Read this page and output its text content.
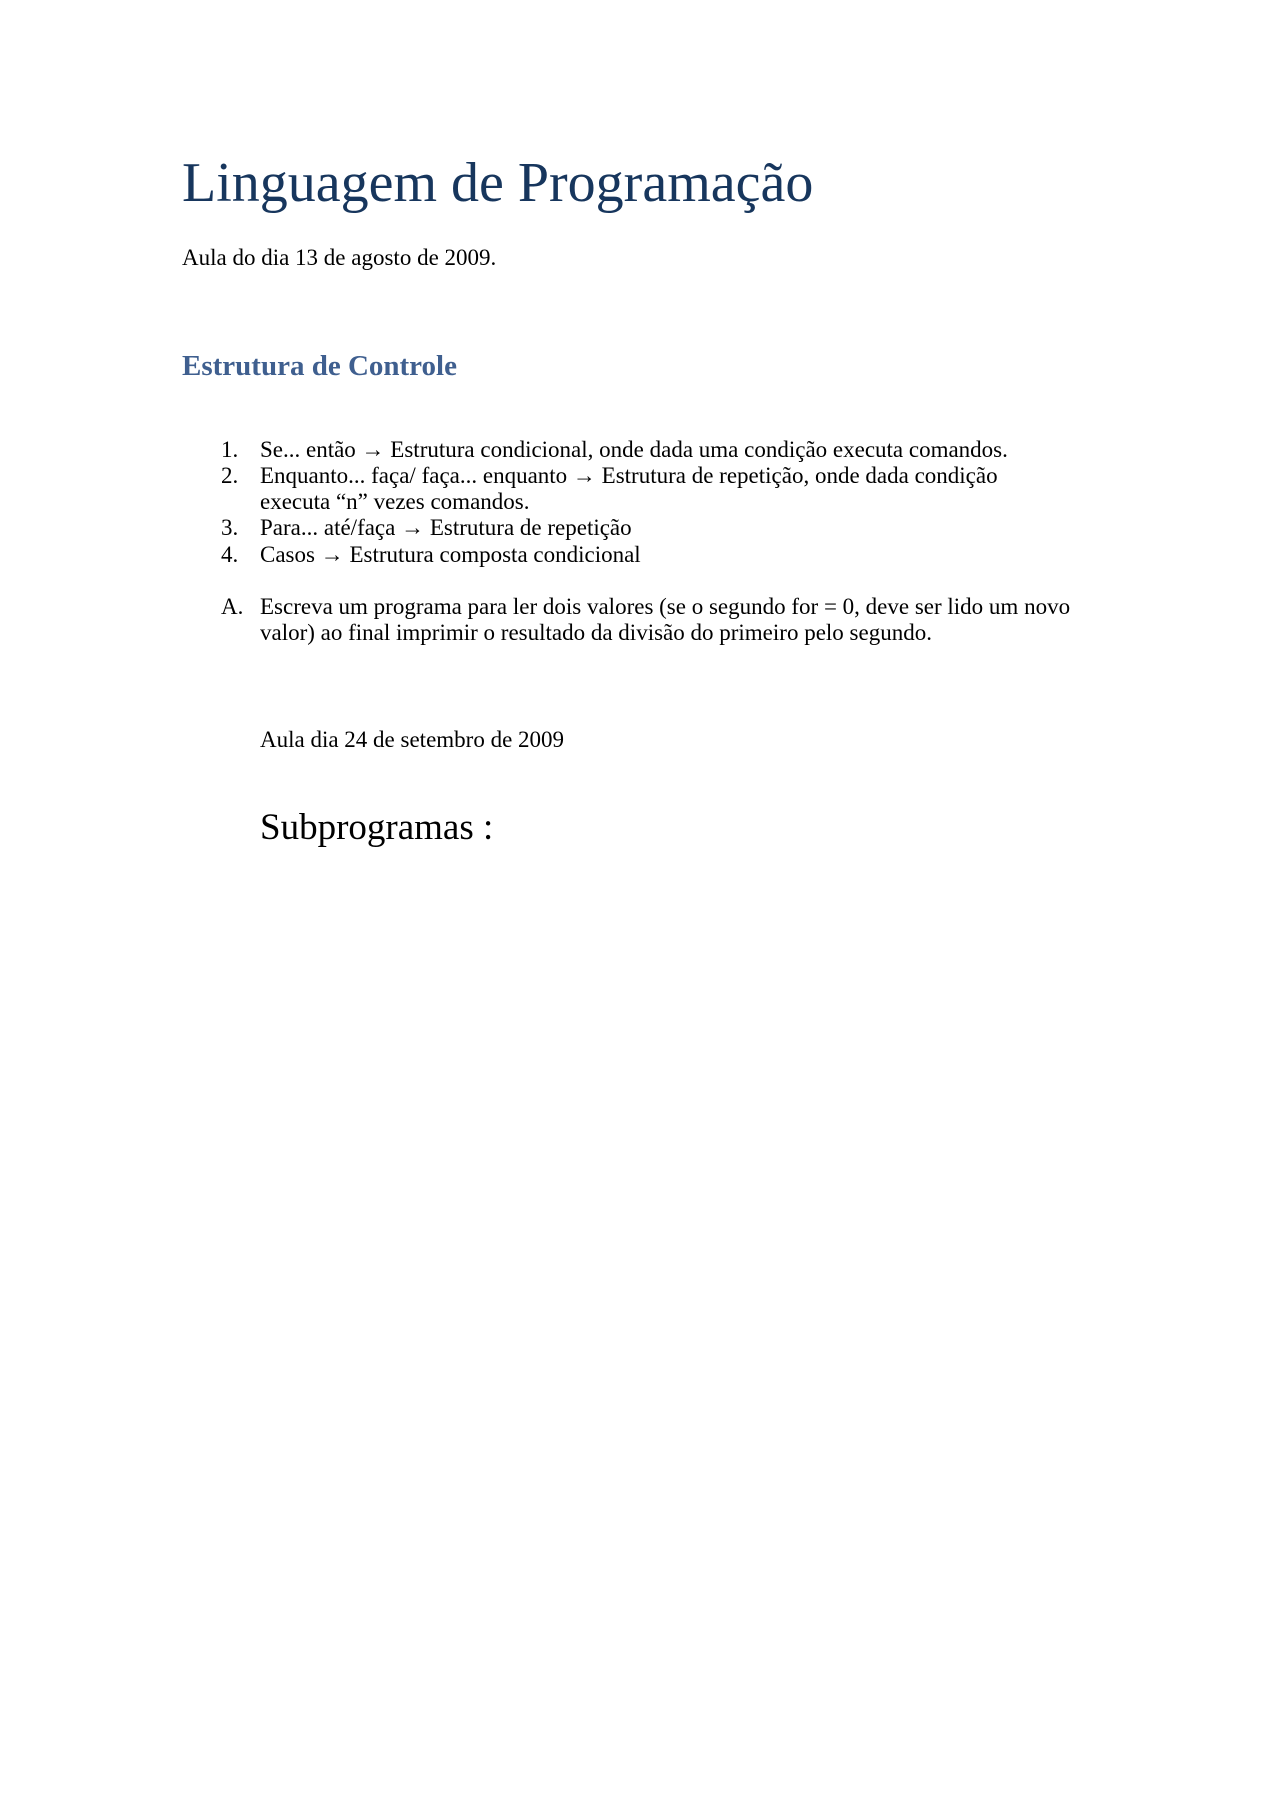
Linguagem de Programação

Aula do dia 13 de agosto de 2009.

Estrutura de Controle
1. Se... então → Estrutura condicional, onde dada uma condição executa comandos.
2. Enquanto... faça/ faça... enquanto → Estrutura de repetição, onde dada condição
executa “n” vezes comandos.
3. Para... até/faça → Estrutura de repetição
4. Casos → Estrutura composta condicional
A. Escreva um programa para ler dois valores (se o segundo for = 0, deve ser lido um novo
valor) ao final imprimir o resultado da divisão do primeiro pelo segundo.

Aula dia 24 de setembro de 2009

Subprogramas :
